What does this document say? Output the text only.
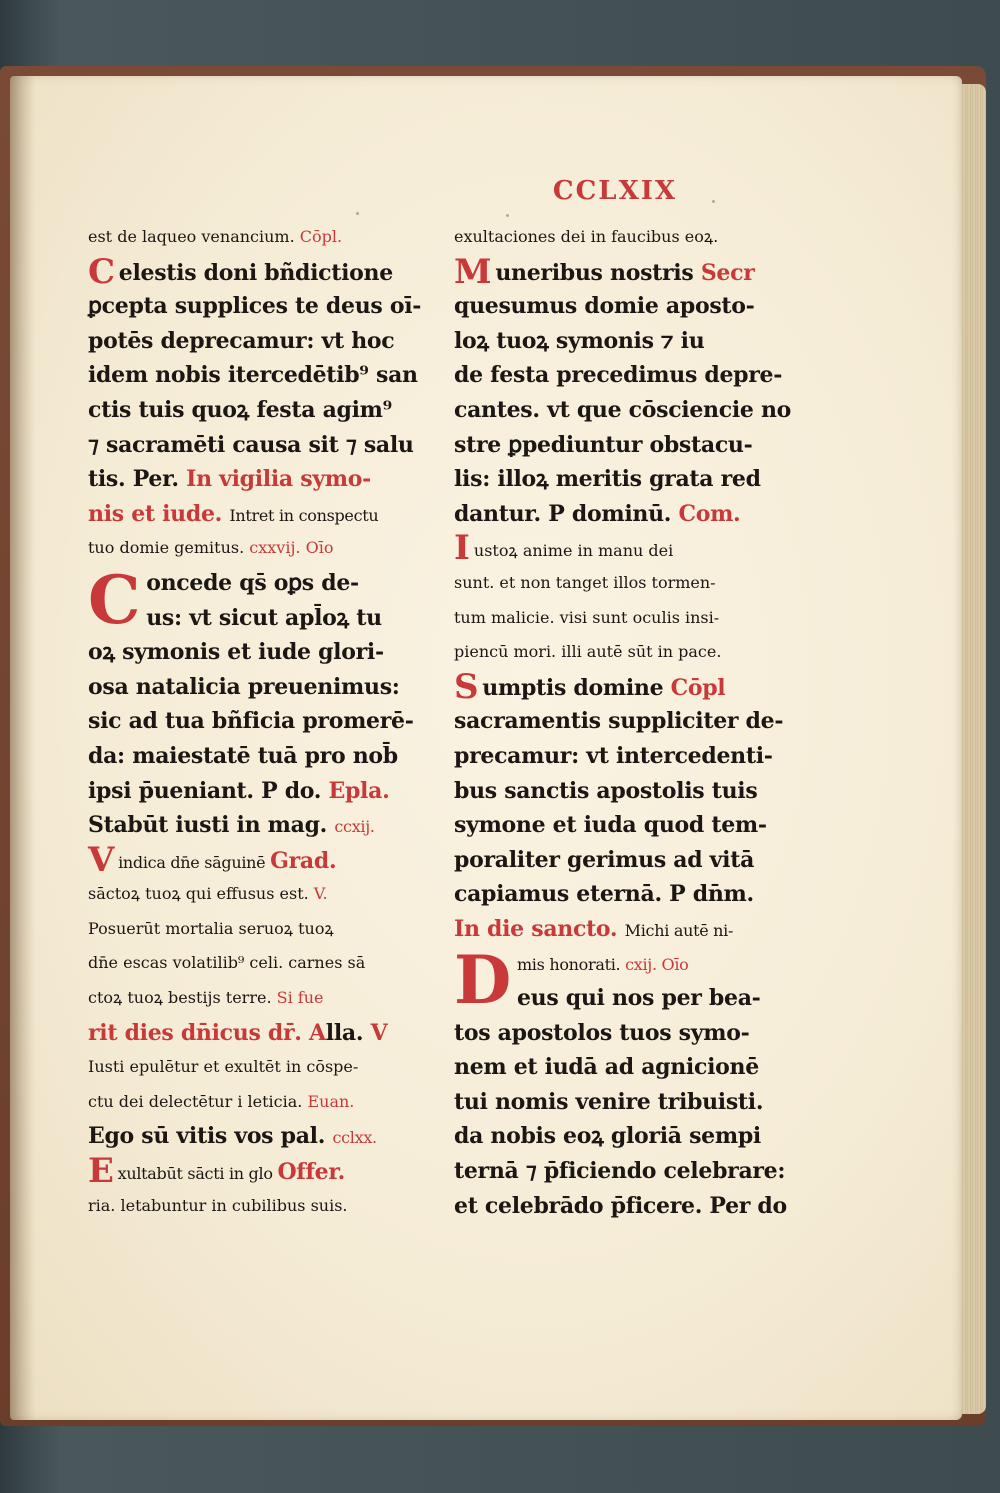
CCLXIX
est de laqueo venancium. Cōpl.
Celestis doni bñdictione
ꝑcepta supplices te deus oī-
potēs deprecamur: vt hoc
idem nobis itercedētib⁹ san
ctis tuis quoꝝ festa agim⁹
⁊ sacramēti causa sit ⁊ salu
tis. Per. In vigilia symo-
nis et iude. Intret in conspectu
tuo domie gemitus. cxxvij. Oīo
Concede qs̄ oꝑs de-
us: vt sicut apl̄oꝝ tu
oꝝ symonis et iude glori-
osa natalicia preuenimus:
sic ad tua bñficia promerē-
da: maiestatē tuā pro nob̄
ipsi p̄ueniant. P do. Epla.
Stabūt iusti in mag. ccxij.
Vindica dn̄e sāguinē Grad.
sāctoꝝ tuoꝝ qui effusus est. V.
Posuerūt mortalia seruoꝝ tuoꝝ
dn̄e escas volatilib⁹ celi. carnes sā
ctoꝝ tuoꝝ bestijs terre. Si fue
rit dies dn̄icus dr̄. Alla. V
Iusti epulētur et exultēt in cōspe-
ctu dei delectētur i leticia. Euan.
Ego sū vitis vos pal. cclxx.
Exultabūt sācti in glo Offer.
ria. letabuntur in cubilibus suis.
exultaciones dei in faucibus eoꝝ.
Muneribus nostris Secr
quesumus domie aposto-
loꝝ tuoꝝ symonis ⁊ iu
de festa precedimus depre-
cantes. vt que cōsciencie no
stre ꝑpediuntur obstacu-
lis: illoꝝ meritis grata red
dantur. P dominū. Com.
Iustoꝝ anime in manu dei
sunt. et non tanget illos tormen-
tum malicie. visi sunt oculis insi-
piencū mori. illi autē sūt in pace.
Sumptis domine Cōpl
sacramentis suppliciter de-
precamur: vt intercedenti-
bus sanctis apostolis tuis
symone et iuda quod tem-
poraliter gerimus ad vitā
capiamus eternā. P dn̄m.
In die sancto. Michi autē ni-
Dmis honorati. cxij. Oīo
eus qui nos per bea-
tos apostolos tuos symo-
nem et iudā ad agnicionē
tui nomis venire tribuisti.
da nobis eoꝝ gloriā sempi
ternā ⁊ p̄ficiendo celebrare:
et celebrādo p̄ficere. Per do
